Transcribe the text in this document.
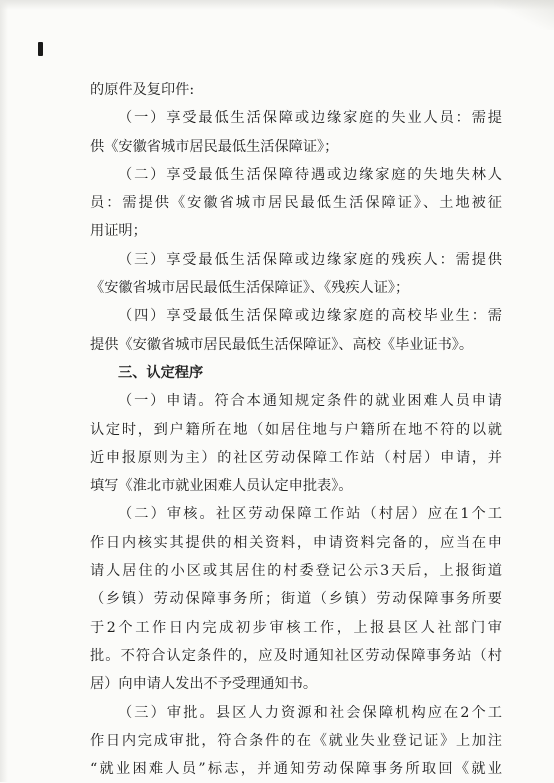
的原件及复印件:
（一）享受最低生活保障或边缘家庭的失业人员：需提
供《安徽省城市居民最低生活保障证》；
（二）享受最低生活保障待遇或边缘家庭的失地失林人
员：需提供《安徽省城市居民最低生活保障证》、土地被征
用证明；
（三）享受最低生活保障或边缘家庭的残疾人：需提供
《安徽省城市居民最低生活保障证》、《残疾人证》；
（四）享受最低生活保障或边缘家庭的高校毕业生：需
提供《安徽省城市居民最低生活保障证》、高校《毕业证书》。
三、认定程序
（一）申请。符合本通知规定条件的就业困难人员申请
认定时，到户籍所在地（如居住地与户籍所在地不符的以就
近申报原则为主）的社区劳动保障工作站（村居）申请，并
填写《淮北市就业困难人员认定申批表》。
（二）审核。社区劳动保障工作站（村居）应在1个工
作日内核实其提供的相关资料，申请资料完备的，应当在申
请人居住的小区或其居住的村委登记公示3天后，上报街道
（乡镇）劳动保障事务所；街道（乡镇）劳动保障事务所要
于2个工作日内完成初步审核工作，上报县区人社部门审
批。不符合认定条件的，应及时通知社区劳动保障事务站（村
居）向申请人发出不予受理通知书。
（三）审批。县区人力资源和社会保障机构应在2个工
作日内完成审批，符合条件的在《就业失业登记证》上加注
“就业困难人员”标志，并通知劳动保障事务所取回《就业
